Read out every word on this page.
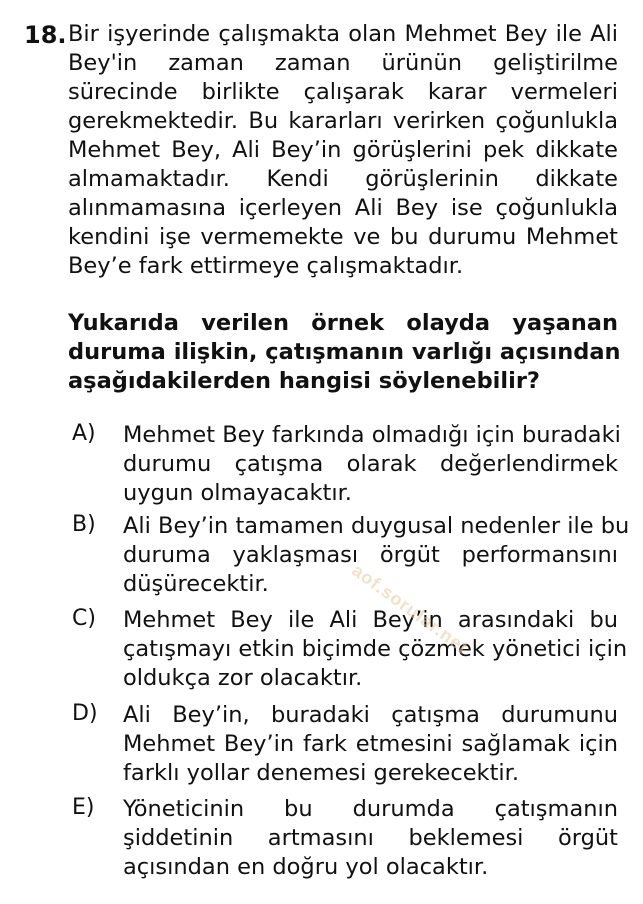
18. Bir işyerinde çalışmakta olan Mehmet Bey ile Ali
Bey'in zaman zaman ürünün geliştirilme
sürecinde birlikte çalışarak karar vermeleri
gerekmektedir. Bu kararları verirken çoğunlukla
Mehmet Bey, Ali Bey’in görüşlerini pek dikkate
almamaktadır. Kendi görüşlerinin dikkate
alınmamasına içerleyen Ali Bey ise çoğunlukla
kendini işe vermemekte ve bu durumu Mehmet
Bey’e fark ettirmeye çalışmaktadır.
Yukarıda verilen örnek olayda yaşanan
duruma ilişkin, çatışmanın varlığı açısından
aşağıdakilerden hangisi söylenebilir?
A) Mehmet Bey farkında olmadığı için buradaki
durumu çatışma olarak değerlendirmek
uygun olmayacaktır.
B) Ali Bey’in tamamen duygusal nedenler ile bu
duruma yaklaşması örgüt performansını
düşürecektir.
C) Mehmet Bey ile Ali Bey’in arasındaki bu
çatışmayı etkin biçimde çözmek yönetici için
oldukça zor olacaktır.
D) Ali Bey’in, buradaki çatışma durumunu
Mehmet Bey’in fark etmesini sağlamak için
farklı yollar denemesi gerekecektir.
E) Yöneticinin bu durumda çatışmanın
şiddetinin artmasını beklemesi örgüt
açısından en doğru yol olacaktır.
aof.sorular.net
